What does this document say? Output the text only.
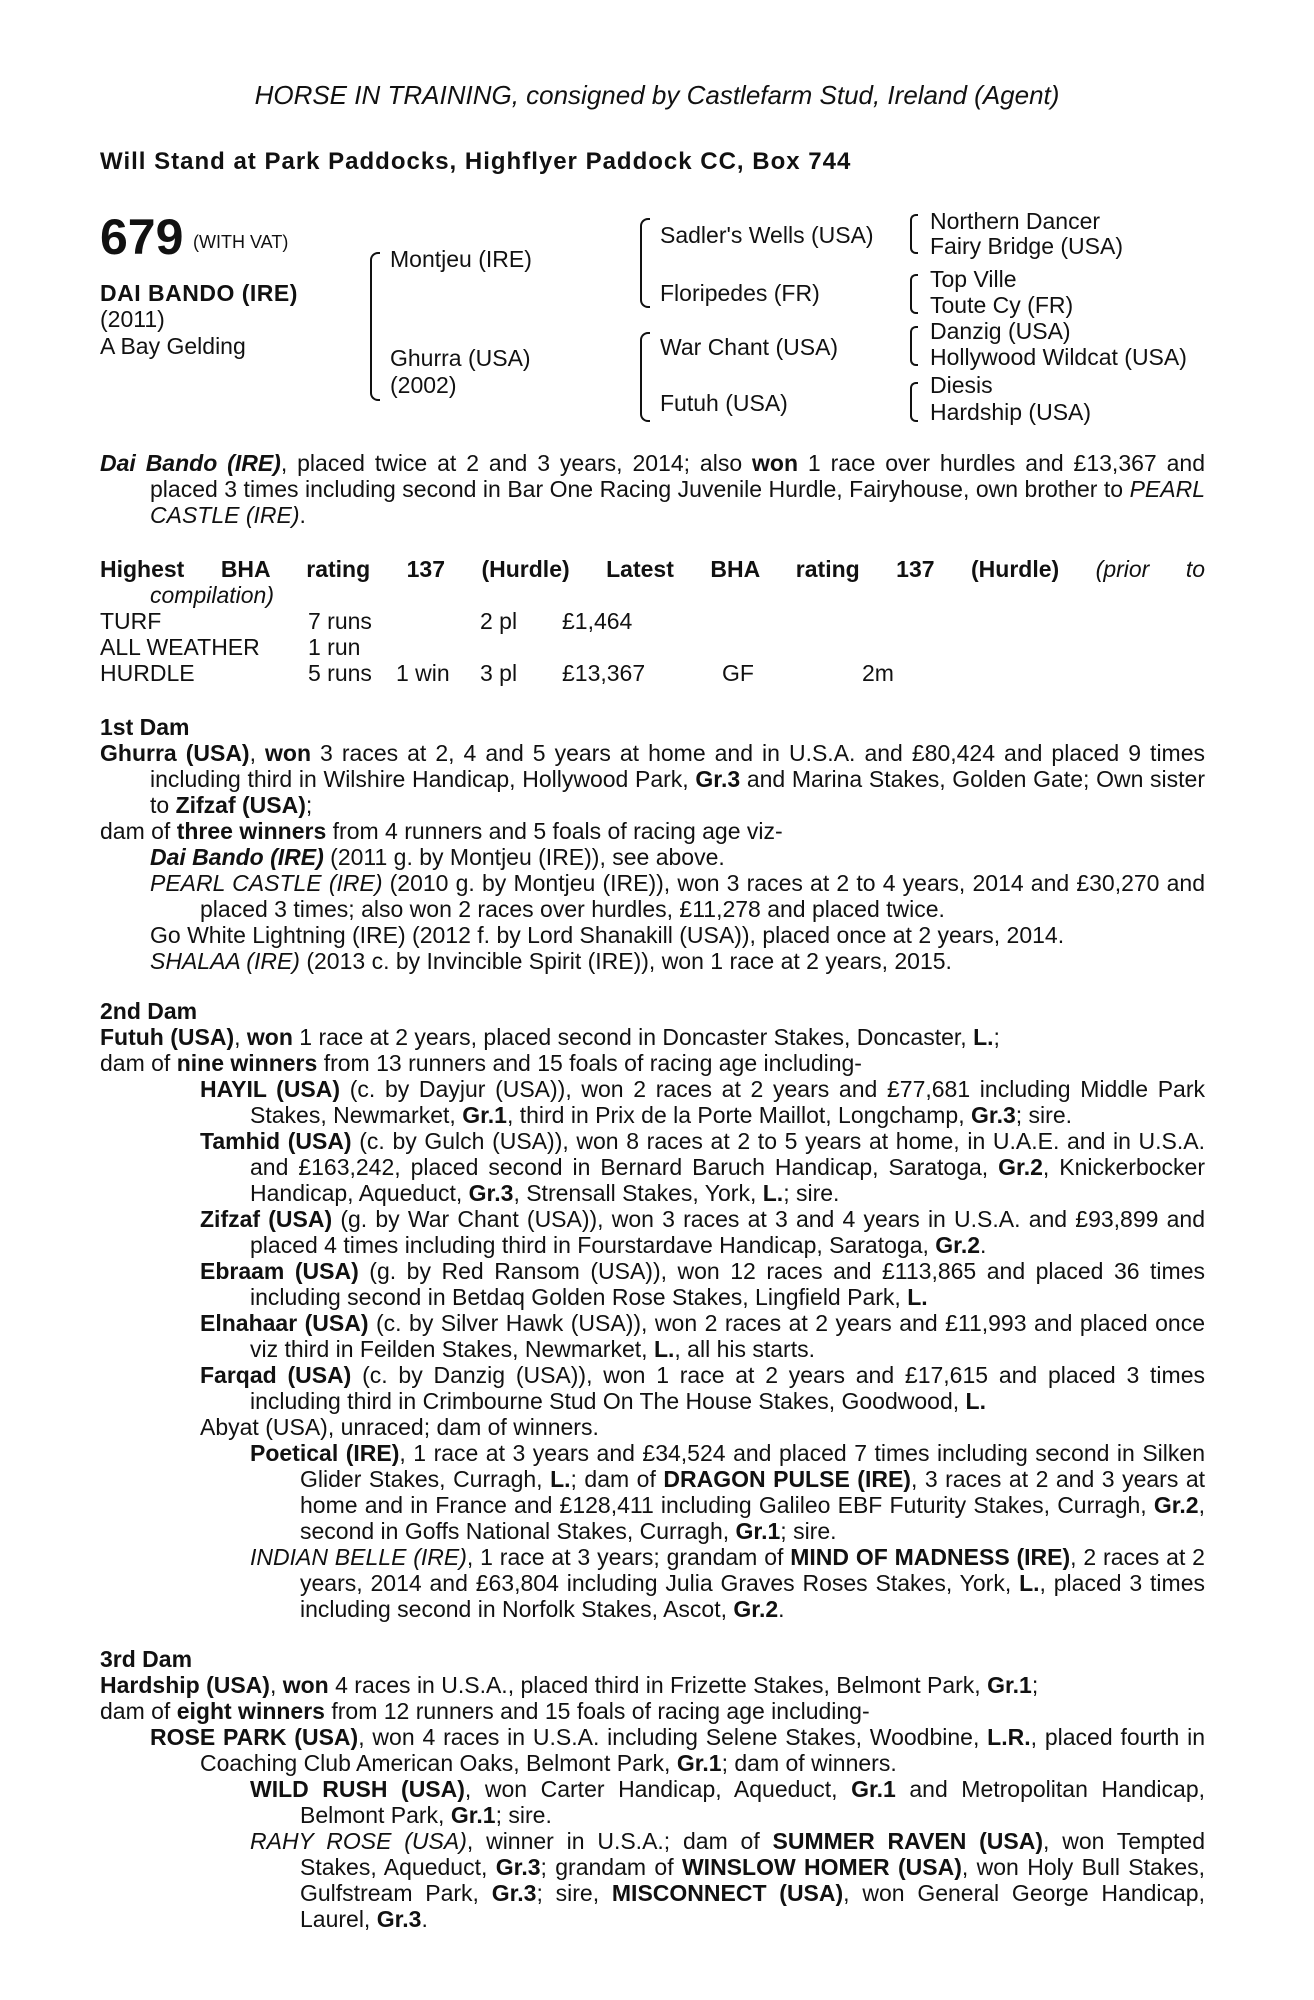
HORSE IN TRAINING, consigned by Castlefarm Stud, Ireland (Agent)
Will Stand at Park Paddocks, Highflyer Paddock CC, Box 744
679 (WITH VAT)
DAI BANDO (IRE)
(2011)
A Bay Gelding
Montjeu (IRE)
Ghurra (USA)
(2002)
Sadler's Wells (USA)
Floripedes (FR)
War Chant (USA)
Futuh (USA)
Northern Dancer
Fairy Bridge (USA)
Top Ville
Toute Cy (FR)
Danzig (USA)
Hollywood Wildcat (USA)
Diesis
Hardship (USA)

Dai Bando (IRE), placed twice at 2 and 3 years, 2014; also won 1 race over hurdles and £13,367 and placed 3 times including second in Bar One Racing Juvenile Hurdle, Fairyhouse, own brother to PEARL CASTLE (IRE).

Highest BHA rating 137 (Hurdle) Latest BHA rating 137 (Hurdle) (prior to
compilation)
TURF	7 runs		2 pl	£1,464		
ALL WEATHER	1 run					
HURDLE	5 runs	1 win	3 pl	£13,367	GF	2m
1st Dam

Ghurra (USA), won 3 races at 2, 4 and 5 years at home and in U.S.A. and £80,424 and placed 9 times including third in Wilshire Handicap, Hollywood Park, Gr.3 and Marina Stakes, Golden Gate; Own sister to Zifzaf (USA);

dam of three winners from 4 runners and 5 foals of racing age viz-

Dai Bando (IRE) (2011 g. by Montjeu (IRE)), see above.

PEARL CASTLE (IRE) (2010 g. by Montjeu (IRE)), won 3 races at 2 to 4 years, 2014 and £30,270 and placed 3 times; also won 2 races over hurdles, £11,278 and placed twice.

Go White Lightning (IRE) (2012 f. by Lord Shanakill (USA)), placed once at 2 years, 2014.

SHALAA (IRE) (2013 c. by Invincible Spirit (IRE)), won 1 race at 2 years, 2015.

2nd Dam

Futuh (USA), won 1 race at 2 years, placed second in Doncaster Stakes, Doncaster, L.;

dam of nine winners from 13 runners and 15 foals of racing age including-

HAYIL (USA) (c. by Dayjur (USA)), won 2 races at 2 years and £77,681 including Middle Park Stakes, Newmarket, Gr.1, third in Prix de la Porte Maillot, Longchamp, Gr.3; sire.

Tamhid (USA) (c. by Gulch (USA)), won 8 races at 2 to 5 years at home, in U.A.E. and in U.S.A. and £163,242, placed second in Bernard Baruch Handicap, Saratoga, Gr.2, Knickerbocker Handicap, Aqueduct, Gr.3, Strensall Stakes, York, L.; sire.

Zifzaf (USA) (g. by War Chant (USA)), won 3 races at 3 and 4 years in U.S.A. and £93,899 and placed 4 times including third in Fourstardave Handicap, Saratoga, Gr.2.

Ebraam (USA) (g. by Red Ransom (USA)), won 12 races and £113,865 and placed 36 times including second in Betdaq Golden Rose Stakes, Lingfield Park, L.

Elnahaar (USA) (c. by Silver Hawk (USA)), won 2 races at 2 years and £11,993 and placed once viz third in Feilden Stakes, Newmarket, L., all his starts.

Farqad (USA) (c. by Danzig (USA)), won 1 race at 2 years and £17,615 and placed 3 times including third in Crimbourne Stud On The House Stakes, Goodwood, L.

Abyat (USA), unraced; dam of winners.

Poetical (IRE), 1 race at 3 years and £34,524 and placed 7 times including second in Silken Glider Stakes, Curragh, L.; dam of DRAGON PULSE (IRE), 3 races at 2 and 3 years at home and in France and £128,411 including Galileo EBF Futurity Stakes, Curragh, Gr.2, second in Goffs National Stakes, Curragh, Gr.1; sire.

INDIAN BELLE (IRE), 1 race at 3 years; grandam of MIND OF MADNESS (IRE), 2 races at 2 years, 2014 and £63,804 including Julia Graves Roses Stakes, York, L., placed 3 times including second in Norfolk Stakes, Ascot, Gr.2.

3rd Dam

Hardship (USA), won 4 races in U.S.A., placed third in Frizette Stakes, Belmont Park, Gr.1;

dam of eight winners from 12 runners and 15 foals of racing age including-

ROSE PARK (USA), won 4 races in U.S.A. including Selene Stakes, Woodbine, L.R., placed fourth in Coaching Club American Oaks, Belmont Park, Gr.1; dam of winners.

WILD RUSH (USA), won Carter Handicap, Aqueduct, Gr.1 and Metropolitan Handicap, Belmont Park, Gr.1; sire.

RAHY ROSE (USA), winner in U.S.A.; dam of SUMMER RAVEN (USA), won Tempted Stakes, Aqueduct, Gr.3; grandam of WINSLOW HOMER (USA), won Holy Bull Stakes, Gulfstream Park, Gr.3; sire, MISCONNECT (USA), won General George Handicap, Laurel, Gr.3.
